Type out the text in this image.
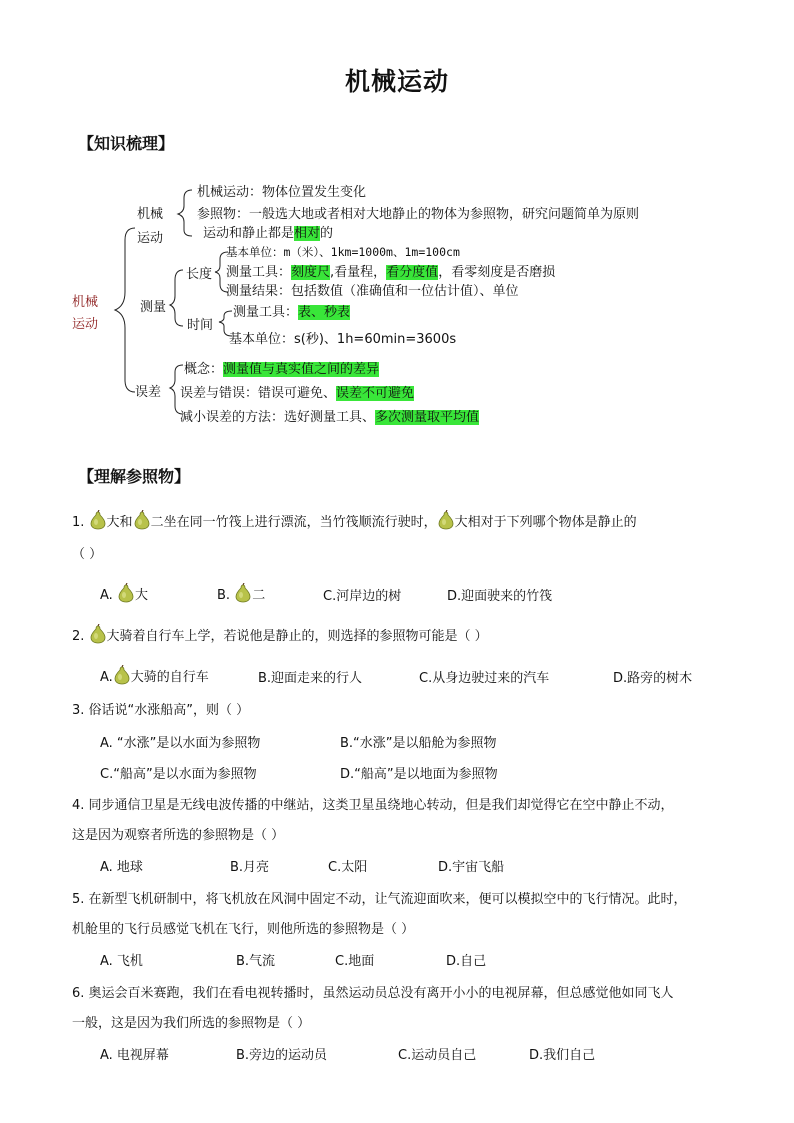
机械运动
【知识梳理】
机械
运动
机械
运动
机械运动：物体位置发生变化
参照物：一般选大地或者相对大地静止的物体为参照物，研究问题简单为原则
运动和静止都是相对的
测量
长度
基本单位：m（米）、1km=1000m、1m=100cm
测量工具：刻度尺,看量程，看分度值，看零刻度是否磨损
测量结果：包括数值（准确值和一位估计值）、单位
时间
测量工具：表、秒表
基本单位：s(秒)、1h=60min=3600s
误差
概念：测量值与真实值之间的差异
误差与错误：错误可避免、误差不可避免
减小误差的方法：选好测量工具、多次测量取平均值
【理解参照物】
1. 大和 二坐在同一竹筏上进行漂流，当竹筏顺流行驶时， 大相对于下列哪个物体是静止的
（ ）
A. 大	B. 二	C.河岸边的树	D.迎面驶来的竹筏
2. 大骑着自行车上学，若说他是静止的，则选择的参照物可能是（ ）
A. 大骑的自行车	B.迎面走来的行人	C.从身边驶过来的汽车	D.路旁的树木
3. 俗话说“水涨船高”，则（ ）
A. “水涨”是以水面为参照物	B.“水涨”是以船舱为参照物
C.“船高”是以水面为参照物	D.“船高”是以地面为参照物
4. 同步通信卫星是无线电波传播的中继站，这类卫星虽绕地心转动，但是我们却觉得它在空中静止不动，
这是因为观察者所选的参照物是（ ）
A. 地球	B.月亮	C.太阳	D.宇宙飞船
5. 在新型飞机研制中，将飞机放在风洞中固定不动，让气流迎面吹来，便可以模拟空中的飞行情况。此时，
机舱里的飞行员感觉飞机在飞行，则他所选的参照物是（ ）
A. 飞机	B.气流	C.地面	D.自己
6. 奥运会百米赛跑，我们在看电视转播时，虽然运动员总没有离开小小的电视屏幕，但总感觉他如同飞人
一般，这是因为我们所选的参照物是（ ）
A. 电视屏幕	B.旁边的运动员	C.运动员自己	D.我们自己
